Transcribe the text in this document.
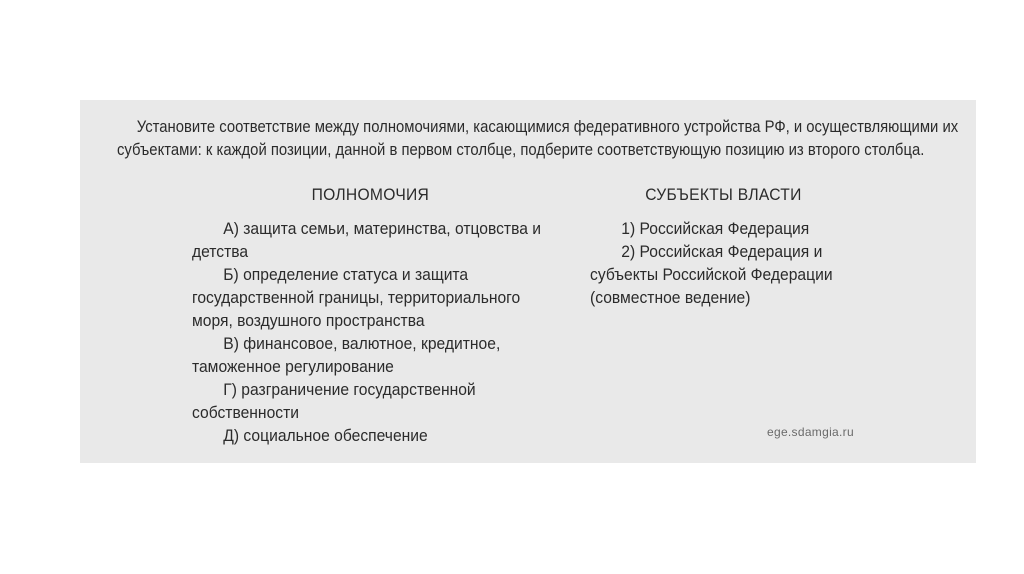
Установите соответствие между полномочиями, касающимися федеративного устройства РФ, и осуществляющими их
субъектами: к каждой позиции, данной в первом столбце, подберите соответствующую позицию из второго столбца.

ПОЛНОМОЧИЯ

А) защита семьи, материнства, отцовства и детства

Б) определение статуса и защита государственной границы, территориального моря, воздушного пространства

В) финансовое, валютное, кредитное, таможенное регулирование

Г) разграничение государственной собственности

Д) социальное обеспечение

СУБЪЕКТЫ ВЛАСТИ

1) Российская Федерация

2) Российская Федерация и субъекты Российской Федерации (совместное ведение)

ege.sdamgia.ru
